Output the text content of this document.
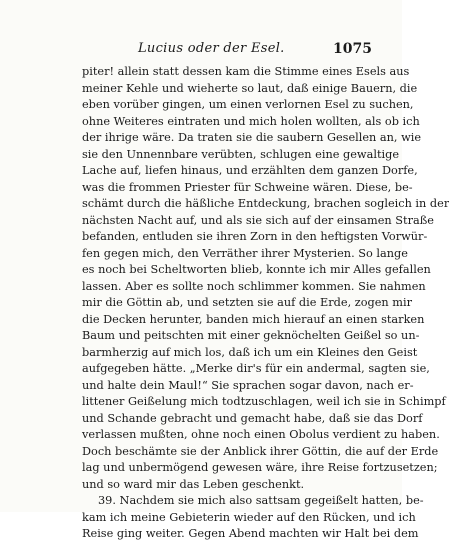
Lucius oder der Esel.	1075
piter! allein statt dessen kam die Stimme eines Esels aus
meiner Kehle und wieherte so laut, daß einige Bauern, die
eben vorüber gingen, um einen verlornen Esel zu suchen,
ohne Weiteres eintraten und mich holen wollten, als ob ich
der ihrige wäre. Da traten sie die saubern Gesellen an, wie
sie den Unnennbare verübten, schlugen eine gewaltige
Lache auf, liefen hinaus, und erzählten dem ganzen Dorfe,
was die frommen Priester für Schweine wären. Diese, be-
schämt durch die häßliche Entdeckung, brachen sogleich in der
nächsten Nacht auf, und als sie sich auf der einsamen Straße
befanden, entluden sie ihren Zorn in den heftigsten Vorwür-
fen gegen mich, den Verräther ihrer Mysterien. So lange
es noch bei Scheltworten blieb, konnte ich mir Alles gefallen
lassen. Aber es sollte noch schlimmer kommen. Sie nahmen
mir die Göttin ab, und setzten sie auf die Erde, zogen mir
die Decken herunter, banden mich hierauf an einen starken
Baum und peitschten mit einer geknöchelten Geißel so un-
barmherzig auf mich los, daß ich um ein Kleines den Geist
aufgegeben hätte. „Merke dir's für ein andermal, sagten sie,
und halte dein Maul!“ Sie sprachen sogar davon, nach er-
littener Geißelung mich todtzuschlagen, weil ich sie in Schimpf
und Schande gebracht und gemacht habe, daß sie das Dorf
verlassen mußten, ohne noch einen Obolus verdient zu haben.
Doch beschämte sie der Anblick ihrer Göttin, die auf der Erde
lag und unbermögend gewesen wäre, ihre Reise fortzusetzen;
und so ward mir das Leben geschenkt.
39. Nachdem sie mich also sattsam gegeißelt hatten, be-
kam ich meine Gebieterin wieder auf den Rücken, und ich
Reise ging weiter. Gegen Abend machten wir Halt bei dem
